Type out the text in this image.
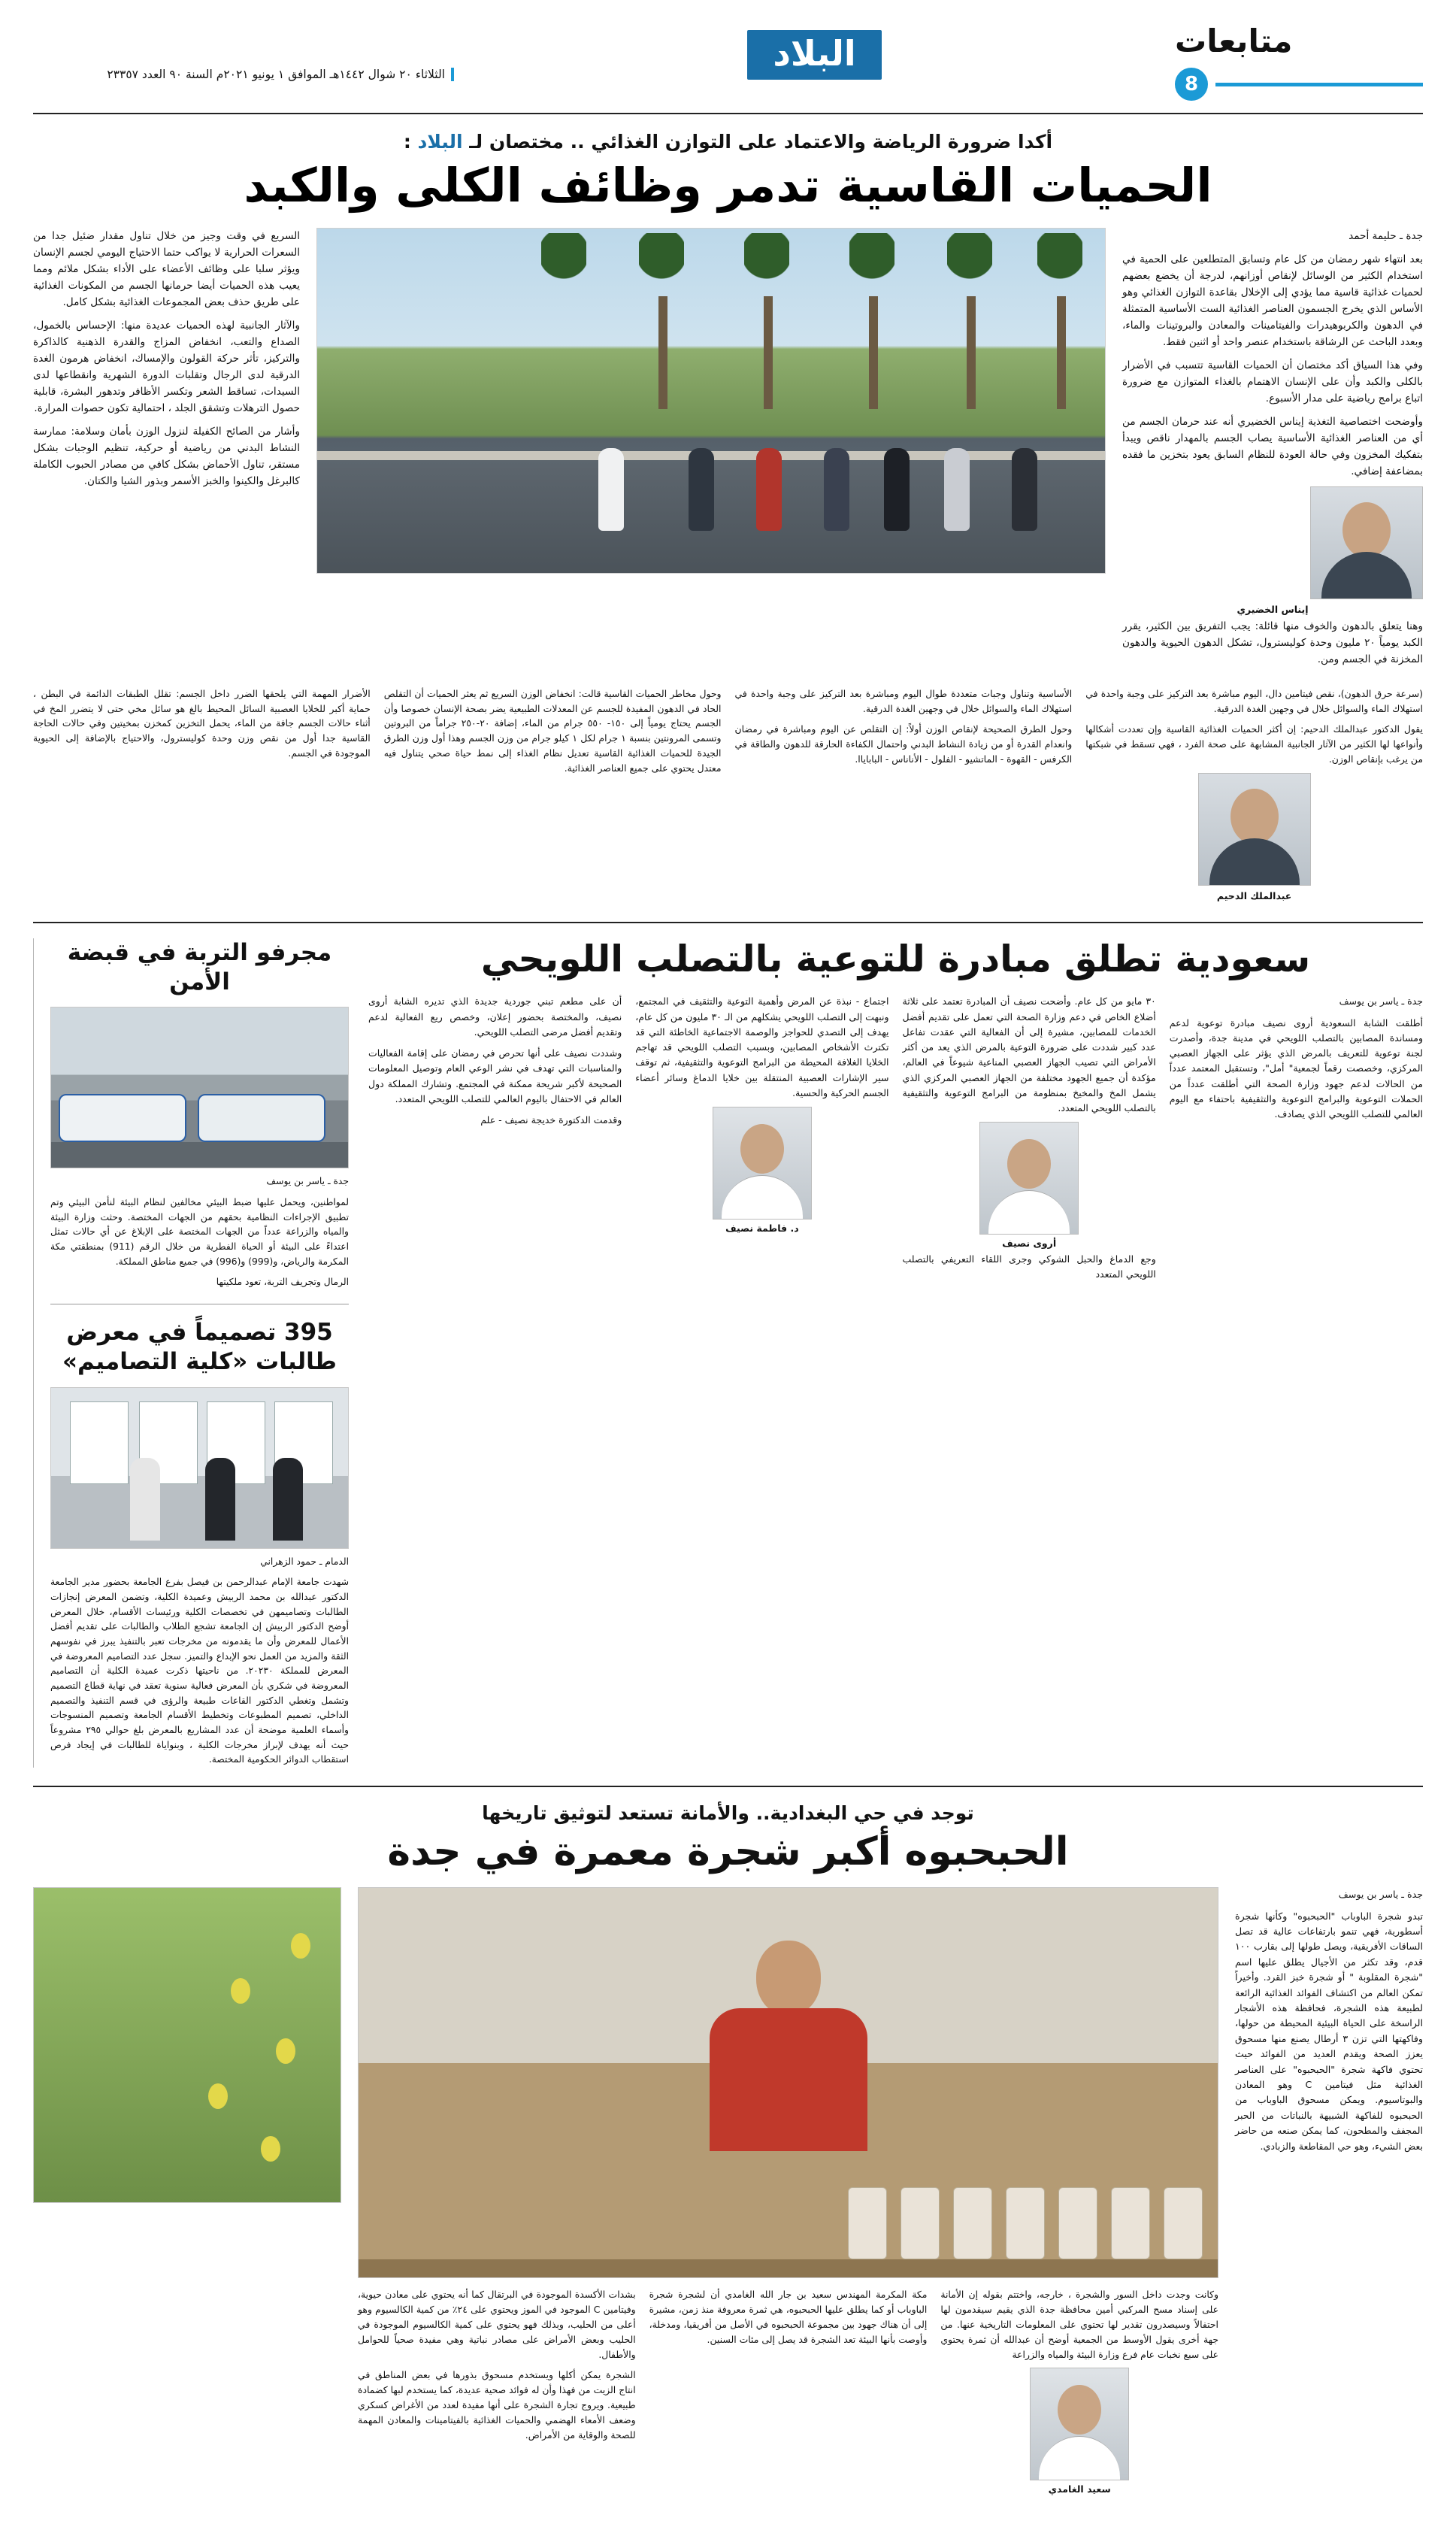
متابعات
8
البلاد
الثلاثاء ٢٠ شوال ١٤٤٢هـ الموافق ١ يونيو ٢٠٢١م السنة ٩٠ العدد ٢٣٣٥٧
أكدا ضرورة الرياضة والاعتماد على التوازن الغذائي .. مختصان لـ البلاد :
الحميات القاسية تدمر وظائف الكلى والكبد

جدة ـ حليمة أحمد

بعد انتهاء شهر رمضان من كل عام وتسابق المتطلعين على الحمية في استخدام الكثير من الوسائل لإنقاص أوزانهم، لدرجة أن يخضع بعضهم لحميات غذائية قاسية مما يؤدي إلى الإخلال بقاعدة التوازن الغذائي وهو الأساس الذي يخرج الجسمون العناصر الغذائية الست الأساسية المتمثلة في الدهون والكربوهيدرات والفيتامينات والمعادن والبروتينات والماء، وبعدد الباحث عن الرشاقة باستخدام عنصر واحد أو اثنين فقط.

وفي هذا السياق أكد مختصان أن الحميات القاسية تتسبب في الأضرار بالكلى والكبد وأن على الإنسان الاهتمام بالغذاء المتوازن مع ضرورة اتباع برامج رياضية على مدار الأسبوع.

وأوضحت اختصاصية التغذية إيناس الخضيري أنه عند حرمان الجسم من أي من العناصر الغذائية الأساسية يصاب الجسم بالمهدار ناقص ويبدأ بتفكيك المخزون وفي حالة العودة للنظام السابق يعود بتخزين ما فقده بمضاعفة إضافي.

إيناس الخضيري

وهنا يتعلق بالدهون والخوف منها قائلة: يجب التفريق بين الكثير، يقرر الكبد يومياً ٢٠ مليون وحدة كوليسترول، تشكل الدهون الحيوية والدهون المخزنة في الجسم ومن.

السريع في وقت وجيز من خلال تناول مقدار ضئيل جدا من السعرات الحرارية لا يواكب حتما الاحتياج اليومي لجسم الإنسان ويؤثر سلبا على وظائف الأعضاء على الأداء بشكل ملائم ومما يعيب هذه الحميات أيضا حرمانها الجسم من المكونات الغذائية على طريق حذف بعض المجموعات الغذائية بشكل كامل.

والآثار الجانبية لهذه الحميات عديدة منها: الإحساس بالخمول، الصداع والتعب، انخفاض المزاج والقدرة الذهنية كالذاكرة والتركيز، تأثر حركة القولون والإمساك، انخفاض هرمون الغدة الدرقية لدى الرجال وتقلبات الدورة الشهرية وانقطاعها لدى السيدات، تساقط الشعر وتكسر الأظافر وتدهور البشرة، قابلية حصول الترهلات وتشقق الجلد ، احتمالية تكون حصوات المرارة.

وأشار من الصائح الكفيلة لنزول الوزن بأمان وسلامة: ممارسة النشاط البدني من رياضية أو حركية، تنظيم الوجبات بشكل مستقر، تناول الأحماض بشكل كافي من مصادر الحبوب الكاملة كالبرغل والكينوا والخبز الأسمر وبذور الشيا والكتان.

(سرعة حرق الدهون)، نقص فيتامين دال، اليوم مباشرة بعد التركيز على وجبة واحدة في استهلاك الماء والسوائل خلال في وجهين الغدة الدرقية.

يقول الدكتور عبدالملك الدحيم: إن أكثر الحميات الغذائية القاسية وإن تعددت أشكالها وأنواعها لها الكثير من الآثار الجانبية المشابهة على صحة الفرد ، فهي تسقط في شبكتها من يرغب بإنقاص الوزن.

عبدالملك الدحيم

الأساسية وتناول وجبات متعددة طوال اليوم ومباشرة بعد التركيز على وجبة واحدة في استهلاك الماء والسوائل خلال في وجهين الغدة الدرقية.

وحول الطرق الصحيحة لإنقاص الوزن أولاً: إن التقلص عن اليوم ومباشرة في رمضان وانعدام القدرة أو من زيادة النشاط البدني واحتمال الكفاءة الحارقة للدهون والطاقة في الكرفس - القهوة - الماتشيو - الفلول - الأناناس - الباباياا.

وحول مخاطر الحميات القاسية قالت: انخفاض الوزن السريع ثم يعثر الحميات أن التقلص الحاد في الدهون المفيدة للجسم عن المعدلات الطبيعية يضر بصحة الإنسان خصوصا وأن الجسم يحتاج يومياً إلى ١٥٠- ٥٥٠ جرام من الماء، إضافة ٢٠-٢٥٠ جراماً من البروتين وتسمى المرونتين بنسبة ١ جرام لكل ١ كيلو جرام من وزن الجسم وهذا أول وزن الطرق الجيدة للحميات الغذائية القاسية تعديل نظام الغذاء إلى نمط حياة صحي يتناول فيه معتدل يحتوي على جميع العناصر الغذائية.

الأضرار المهمة التي يلحقها الضرر داخل الجسم: تقلل الطبقات الدائمة في البطن ، حماية أكبر للخلايا العصبية السائل المحيط بالغ هو سائل مخي حتى لا يتضرر المخ في أثناء حالات الجسم جافة من الماء، يحمل التخزين كمخزن بمخيتين وفي حالات الحاجة القاسية جدا أول من نقص وزن وحدة كوليسترول، والاحتياج بالإضافة إلى الحيوية الموجودة في الجسم.

سعودية تطلق مبادرة للتوعية بالتصلب اللويحي

جدة ـ ياسر بن يوسف

أطلقت الشابة السعودية أروى نصيف مبادرة توعوية لدعم ومساندة المصابين بالتصلب اللويحي في مدينة جدة، وأصدرت لجنة توعوية للتعريف بالمرض الذي يؤثر على الجهاز العصبي المركزي، وخصصت رقماً لجمعية" أمل"، وتستقبل المعتمد عدداً من الحالات لدعم جهود وزارة الصحة التي أطلقت عدداً من الحملات التوعوية والبرامج التوعوية والتثقيفية باحتفاء مع اليوم العالمي للتصلب اللويحي الذي يصادف.

٣٠ مايو من كل عام. وأضحت نصيف أن المبادرة تعتمد على ثلاثة أضلاع الخاص في دعم وزارة الصحة التي تعمل على تقديم أفضل الخدمات للمصابين، مشيرة إلى أن الفعالية التي عقدت تفاعل عدد كبير شددت على ضرورة التوعية بالمرض الذي يعد من أكثر الأمراض التي تصيب الجهاز العصبي المناعية شيوعاً في العالم، مؤكدة أن جميع الجهود مختلفة من الجهاز العصبي المركزي الذي يشمل المخ والمخيخ بمنظومة من البرامج التوعوية والتثقيفية بالتصلب اللويحي المتعدد.

أروى نصيف

وجع الدماغ والحبل الشوكي وجرى اللقاء التعريفي بالتصلب اللويحي المتعدد

اجتماع - نبذة عن المرض وأهمية التوعية والتثقيف في المجتمع، ونبهت إلى التصلب اللويحي يشكلهم من الـ ٣٠ مليون من كل عام، يهدف إلى التصدي للحواجز والوصمة الاجتماعية الخاطئة التي قد تكترث الأشخاص المصابين، وبسبب التصلب اللويحي قد تهاجم الخلايا الغلافة المحيطة من البرامج التوعوية والتثقيفية، ثم توقف سير الإشارات العصبية المنتقلة بين خلايا الدماغ وسائر أعضاء الجسم الحركية والحسية.

د. فاطمة نصيف

أن على مطعم تبني جوردية جديدة الذي تديره الشابة أروى نصيف، والمختصة بحضور إعلان، وخصص ريع الفعالية لدعم وتقديم أفضل مرضى التصلب اللويحي.

وشددت نصيف على أنها تحرص في رمضان على إقامة الفعاليات والمناسبات التي تهدف في نشر الوعي العام وتوصيل المعلومات الصحيحة لأكبر شريحة ممكنة في المجتمع. وتشارك المملكة دول العالم في الاحتفال باليوم العالمي للتصلب اللويحي المتعدد.

وقدمت الدكتورة خديجة نصيف - علم

مجرفو التربة في قبضة الأمن
جدة ـ ياسر بن يوسف
لمواطنين، ويحمل عليها ضبط البيئي مخالفين لنظام البيئة لنأمن البيئي وتم تطبيق الإجراءات النظامية بحقهم من الجهات المختصة. وحثت وزارة البيئة والمياه والزراعة عدداً من الجهات المختصة على الإبلاغ عن أي حالات تمثل اعتداءً على البيئة أو الحياة الفطرية من خلال الرقم (911) بمنطقتي مكة المكرمة والرياض، و(999) و(996) في جميع مناطق المملكة.
الرمال وتجريف التربة، تعود ملكيتها
395 تصميماً في معرض طالبات «كلية التصاميم»
الدمام ـ حمود الزهراني
شهدت جامعة الإمام عبدالرحمن بن فيصل بفرع الجامعة بحضور مدير الجامعة الدكتور عبدالله بن محمد الربيش وعميدة الكلية، وتضمن المعرض إنجازات الطالبات وتصاميمهن في تخصصات الكلية ورئيسات الأقسام، خلال المعرض أوضح الدكتور الربيش إن الجامعة تشجع الطلاب والطالبات على تقديم أفضل الأعمال للمعرض وأن ما يقدمونه من مخرجات تعبر بالتنفيذ يبرز في نفوسهم الثقة والمزيد من العمل نحو الإبداع والتميز. سجل عدد التصاميم المعروضة في المعرض للمملكة ٢٠٢٣٠. من ناحيتها ذكرت عميدة الكلية أن التصاميم المعروضة في شكري بأن المعرض فعالية سنوية تعقد في نهاية قطاع التصميم وتشمل وتغطي الدكتور القاعات طبيعة والرؤى في قسم التنفيذ والتصميم الداخلي، تصميم المطبوعات وتخطيط الأقسام الجامعة وتصميم المنسوجات وأسماء العلمية موضحة أن عدد المشاريع بالمعرض بلغ حوالي ٢٩٥ مشروعاً حيث أنه يهدف لإبراز مخرجات الكلية ، وبنواياة للطالبات في إيجاد فرص استقطاب الدوائر الحكومية المختصة.
توجد في حي البغدادية.. والأمانة تستعد لتوثيق تاريخها
الحبحبوه أكبر شجرة معمرة في جدة

جدة ـ ياسر بن يوسف

تبدو شجرة الباوباب "الحبحبوه" وكأنها شجرة أسطورية، فهي تنمو بارتفاعات عالية قد تصل الساقات الأفريقية، ويصل طولها إلى بقارب ١٠٠ قدم، وقد تكثر من الأجيال يطلق عليها اسم "شجرة المقلوبة " أو شجرة خبز القرد. وأخيراً تمكن العالم من اكتشاف الفوائد الغذائية الرائعة لطبيعة هذه الشجرة، فحافظة هذه الأشجار الراسخة على الحياة البيئية المحيطة من حولها، وفاكهتها التي تزن ٣ أرطال يصنع منها مسحوق يعزز الصحة ويقدم العديد من الفوائد حيث تحتوي فاكهة شجرة "الحبحبوه" على العناصر الغذائية مثل فيتامين C وهو المعادن والبوتاسيوم. ويمكن مسحوق الباوباب من الحبحبوه للفاكهة الشبيهة بالنباتات من الحبر المجفف والمطحون، كما يمكن صنعه من حاضر بعض الشيء، وهو حي المقاطعة والزبادي.

وكانت وجدت داخل السور والشجرة ، خارجه، واختتم بقوله إن الأمانة على إسناد مسح المركبي أمين محافظة جدة الذي يقيم سيقدمون لها احتفالاً وسيصدرون تقدير لها تحتوي على المعلومات التاريخية عنها. من جهة أخرى يقول الأوسط من الجمعية أوضح أن عبدالله أن ثمرة يحتوي على سبع نخبات عام فرع وزارة البيئة والمياه والزراعة

سعيد الغامدي

مكة المكرمة المهندس سعيد بن جار الله الغامدي أن لشجرة شجرة الباوباب أو كما يطلق عليها الحبحبوه، هي ثمرة معروفة منذ زمن، مشيرة إلى أن هناك جهود بين مجموعة الحبحبوه في الأصل من أفريقيا، ومدخلة، وأوصت بأنها البيئة تعد الشجرة قد يصل إلى مئات السنين.

بشدات الأكسدة الموجودة في البرتقال كما أنه يحتوي على معادن حيوية، وفيتامين C الموجود في الموز ويحتوي على ٢٤٪ من كمية الكالسيوم وهو أعلى من الحليب، وبذلك فهو يحتوي على كمية الكالسيوم الموجودة في الحليب وبعض الأمراض على مصادر نباتية وهي مفيدة صحياً للحوامل والأطفال.

الشجرة يمكن أكلها ويستخدم مسحوق بذورها في بعض المناطق في انتاج الزيت من فهذا وأن له فوائد صحية عديدة، كما يستخدم لبها كضمادة طبيعية. ويروج تجارة الشجرة على أنها مفيدة لعدد من الأغراض كسكري وضعف الأمعاء الهضمي والحميات الغذائية بالفيتامينات والمعادن المهمة للصحة والوقاية من الأمراض.
